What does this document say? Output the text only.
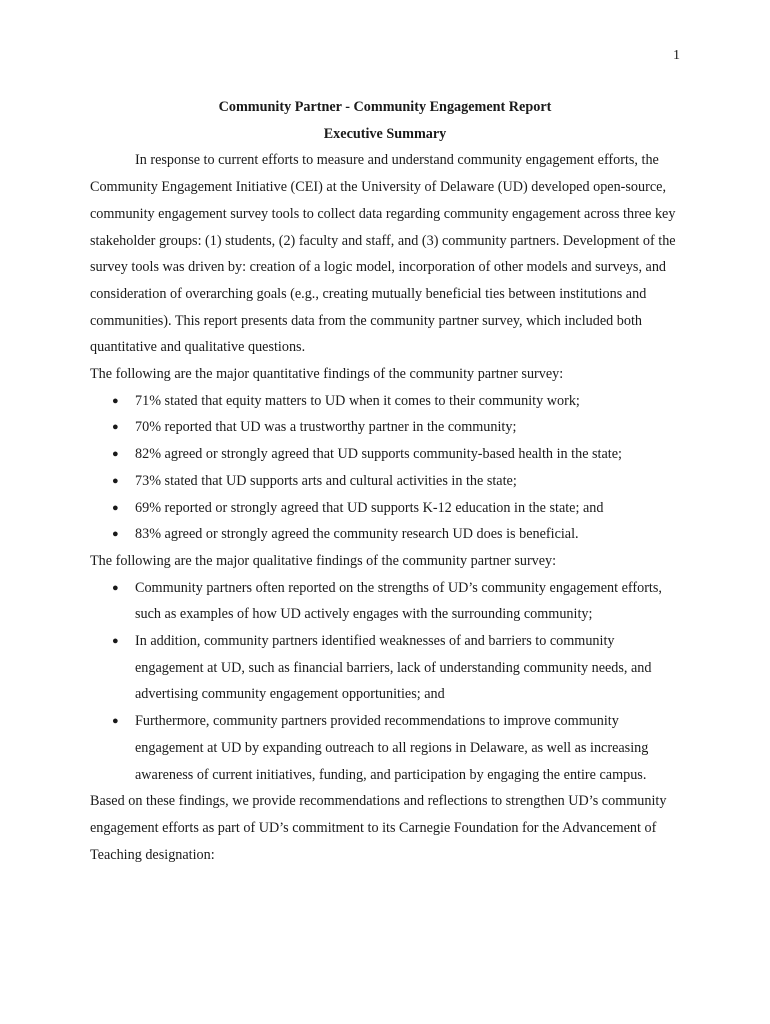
1

Community Partner - Community Engagement Report

Executive Summary

In response to current efforts to measure and understand community engagement efforts, the Community Engagement Initiative (CEI) at the University of Delaware (UD) developed open-source, community engagement survey tools to collect data regarding community engagement across three key stakeholder groups: (1) students, (2) faculty and staff, and (3) community partners. Development of the survey tools was driven by: creation of a logic model, incorporation of other models and surveys, and consideration of overarching goals (e.g., creating mutually beneficial ties between institutions and communities). This report presents data from the community partner survey, which included both quantitative and qualitative questions.

The following are the major quantitative findings of the community partner survey:

● 71% stated that equity matters to UD when it comes to their community work;
● 70% reported that UD was a trustworthy partner in the community;
● 82% agreed or strongly agreed that UD supports community-based health in the state;
● 73% stated that UD supports arts and cultural activities in the state;
● 69% reported or strongly agreed that UD supports K-12 education in the state; and
● 83% agreed or strongly agreed the community research UD does is beneficial.

The following are the major qualitative findings of the community partner survey:

● Community partners often reported on the strengths of UD’s community engagement efforts, such as examples of how UD actively engages with the surrounding community;
● In addition, community partners identified weaknesses of and barriers to community engagement at UD, such as financial barriers, lack of understanding community needs, and advertising community engagement opportunities; and
● Furthermore, community partners provided recommendations to improve community engagement at UD by expanding outreach to all regions in Delaware, as well as increasing awareness of current initiatives, funding, and participation by engaging the entire campus.

Based on these findings, we provide recommendations and reflections to strengthen UD’s community engagement efforts as part of UD’s commitment to its Carnegie Foundation for the Advancement of Teaching designation:
